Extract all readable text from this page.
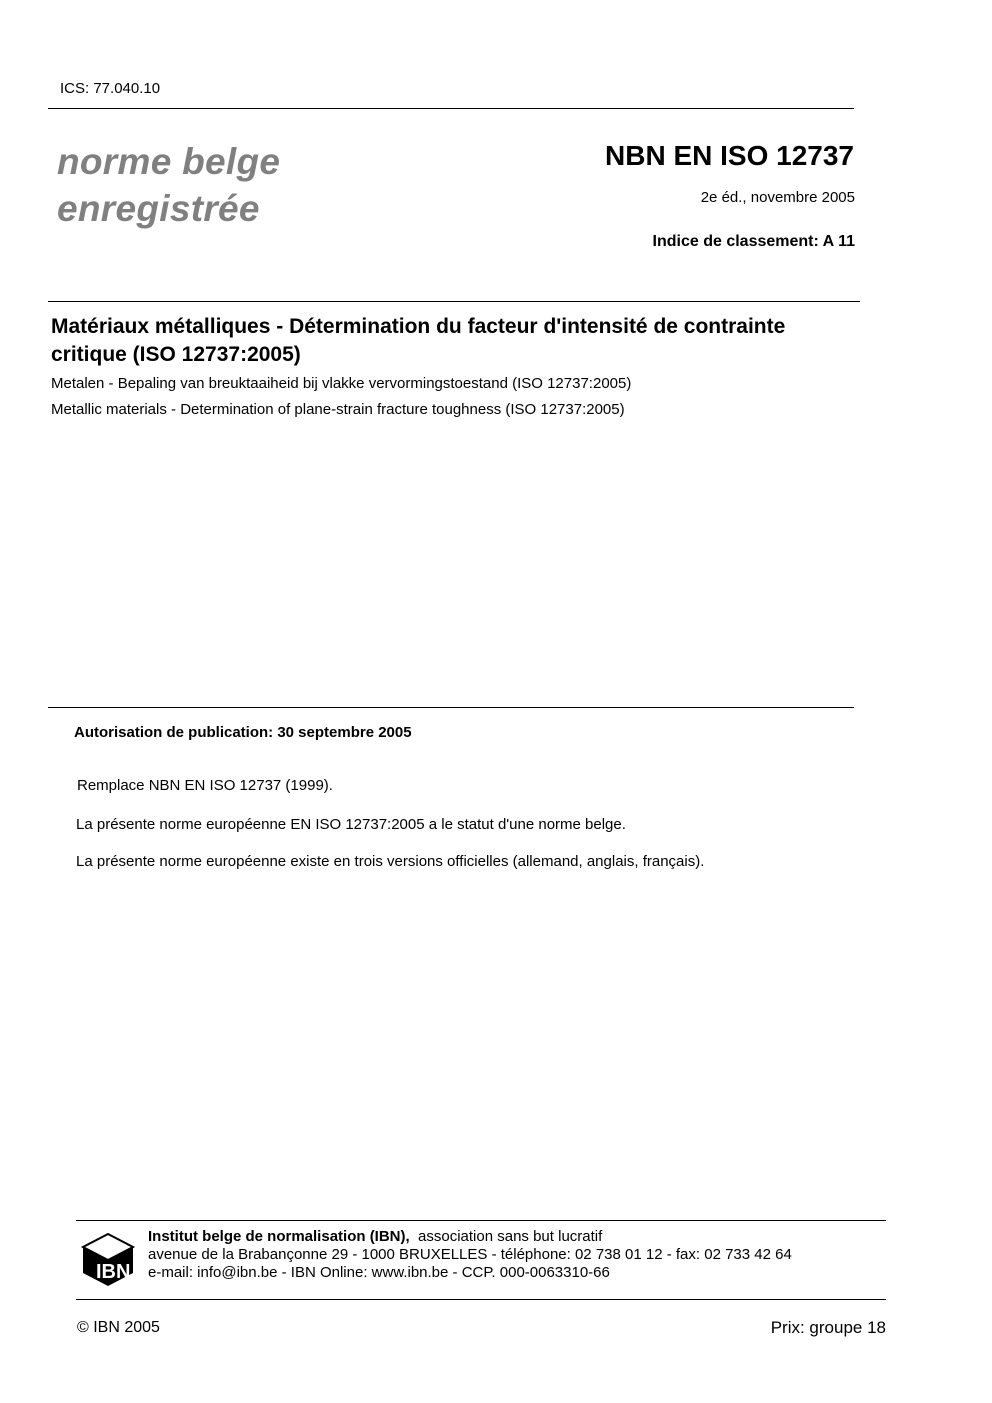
ICS: 77.040.10
norme belge
enregistrée
NBN EN ISO 12737
2e éd., novembre 2005
Indice de classement: A 11
Matériaux métalliques - Détermination du facteur d'intensité de contrainte critique (ISO 12737:2005)
Metalen - Bepaling van breuktaaiheid bij vlakke vervormingstoestand (ISO 12737:2005)
Metallic materials - Determination of plane-strain fracture toughness (ISO 12737:2005)
Autorisation de publication: 30 septembre 2005
Remplace NBN EN ISO 12737 (1999).
La présente norme européenne EN ISO 12737:2005 a le statut d'une norme belge.
La présente norme européenne existe en trois versions officielles (allemand, anglais, français).
IBN
Institut belge de normalisation (IBN), association sans but lucratif
avenue de la Brabançonne 29 - 1000 BRUXELLES - téléphone: 02 738 01 12 - fax: 02 733 42 64
e-mail: info@ibn.be - IBN Online: www.ibn.be - CCP. 000-0063310-66
© IBN 2005	Prix: groupe 18
